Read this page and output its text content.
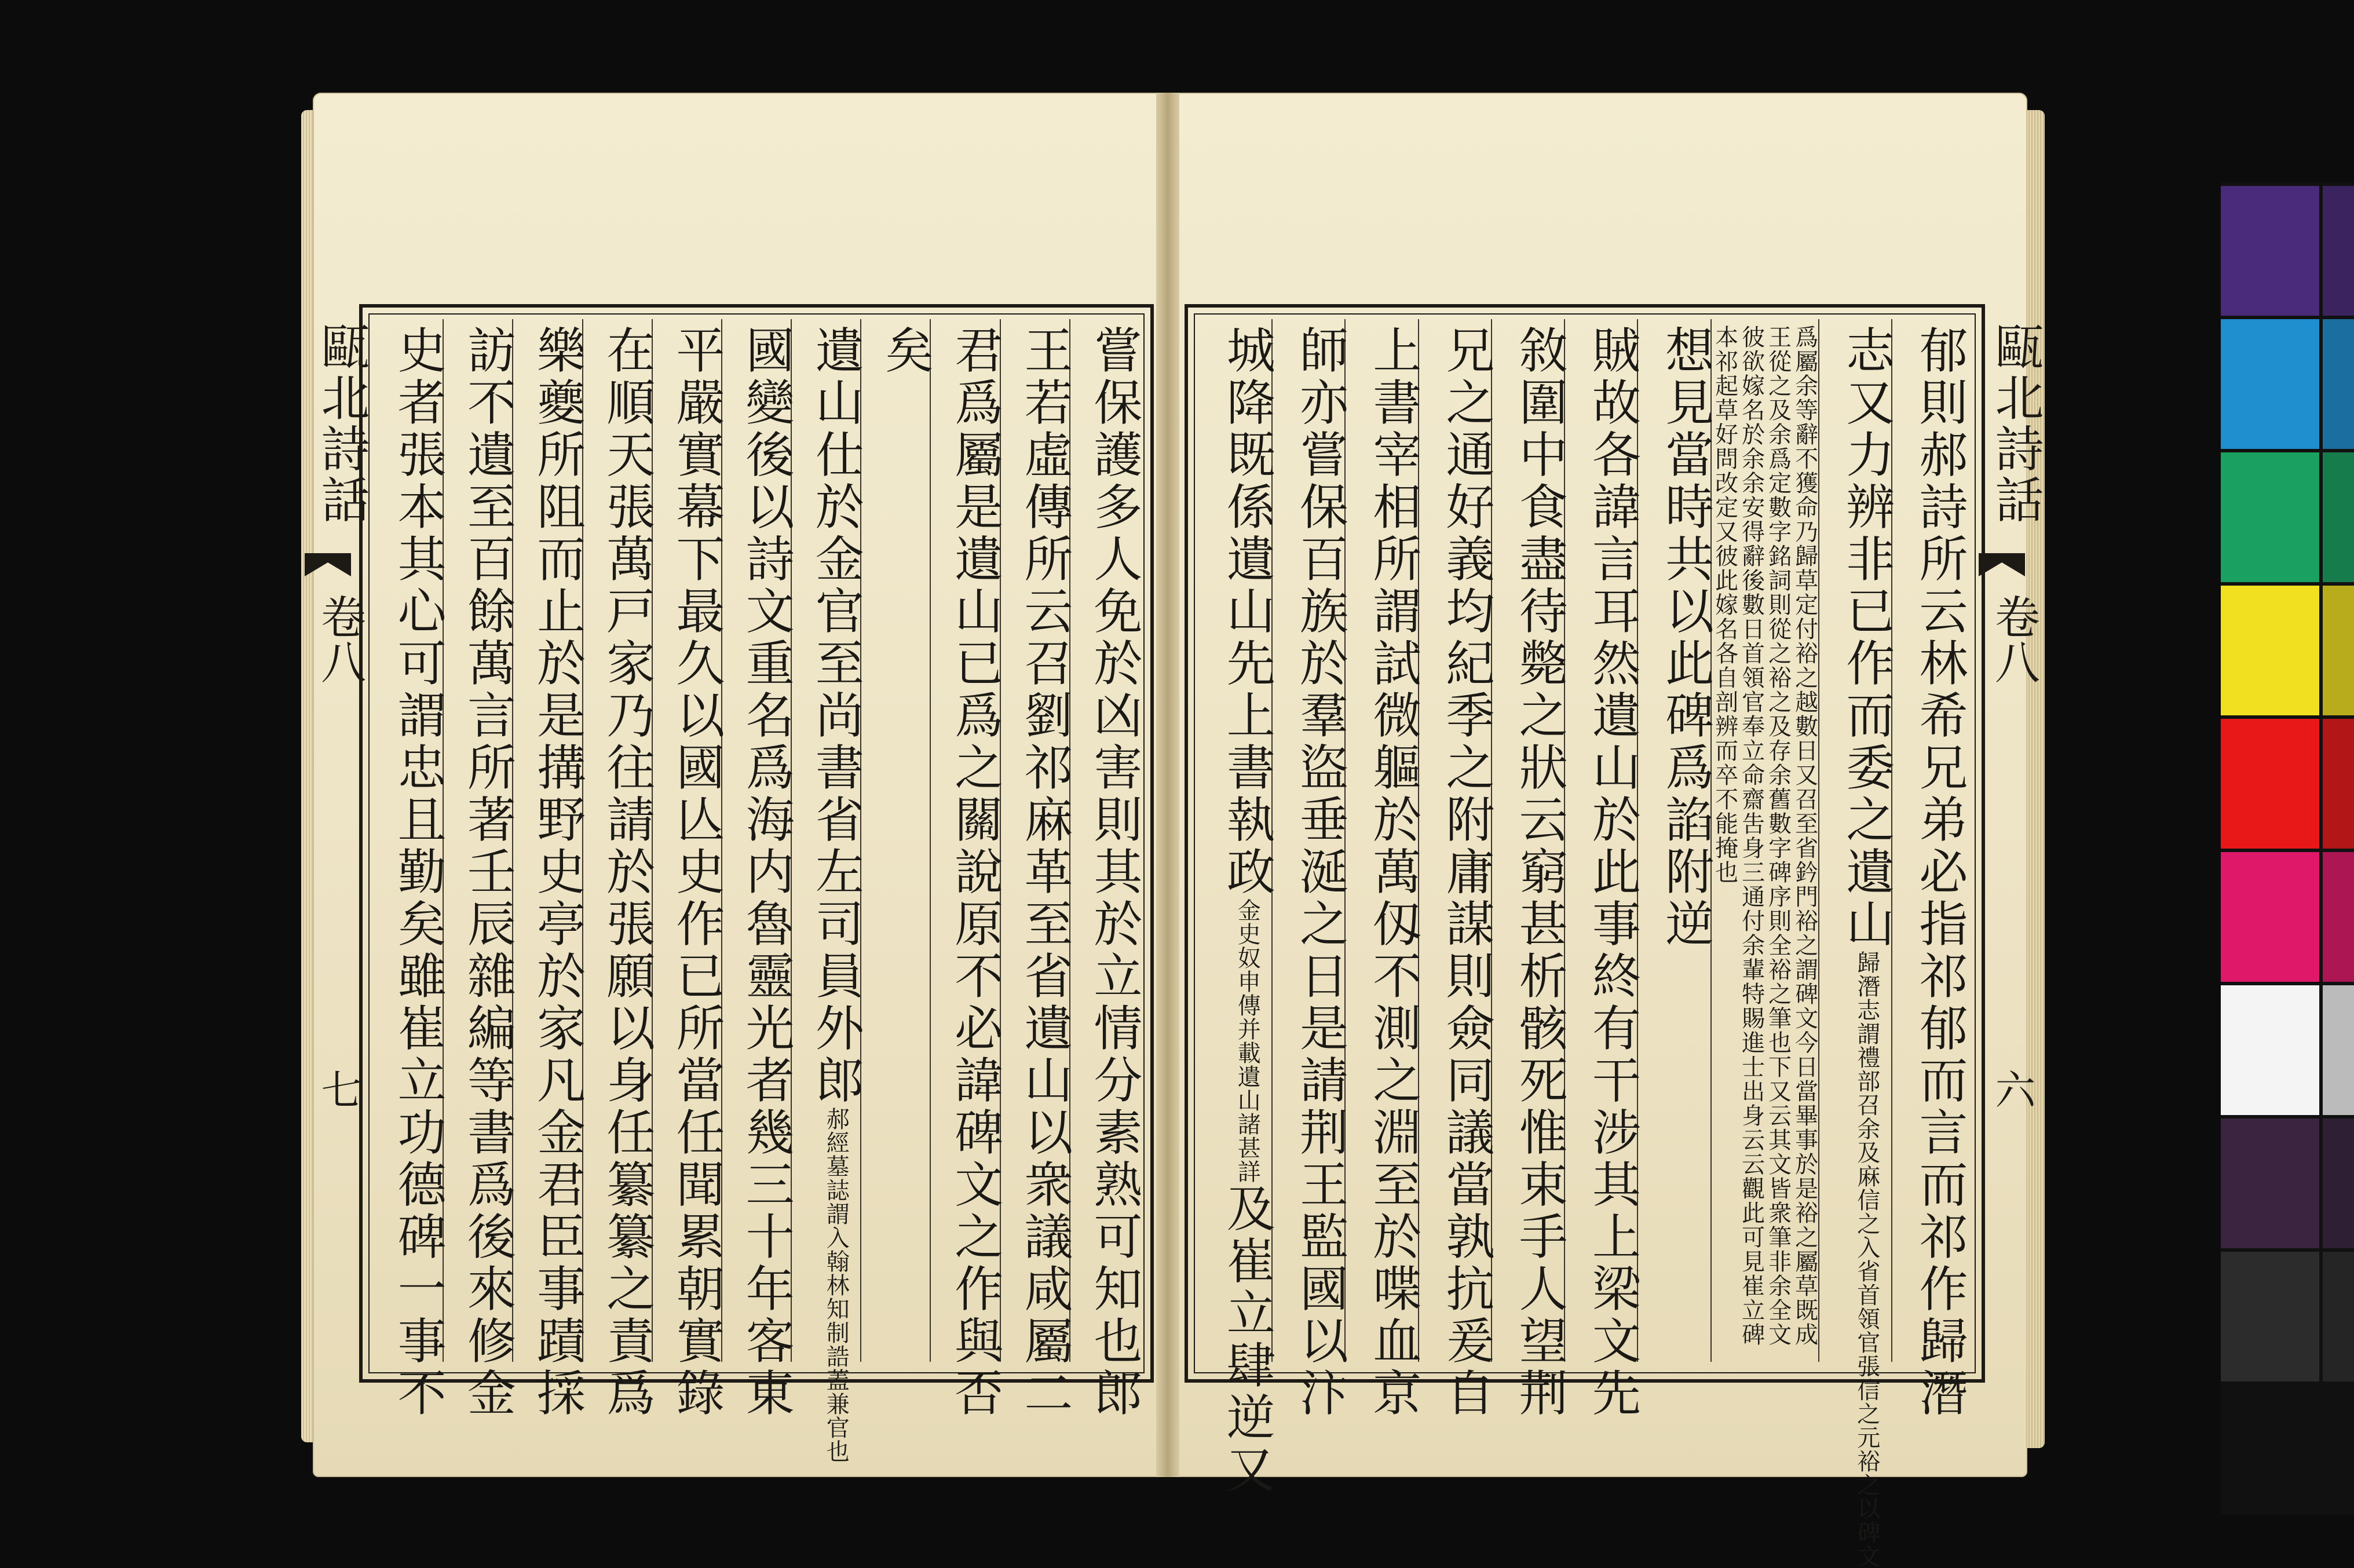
甌北詩話
卷八
七	嘗保護多人免於凶害則其於立情分素熟可知也郎
王若虛傳所云召劉祁麻革至省遺山以衆議咸屬二
君爲屬是遺山已爲之關說原不必諱碑文之作與否
矣
遺山仕於金官至尚書省左司員外郎郝經墓誌謂入翰林知制誥蓋兼官也
國變後以詩文重名爲海内魯靈光者幾三十年客東
平嚴實幕下最久以國亾史作已所當任聞累朝實錄
在順天張萬戸家乃往請於張願以身任纂纂之責爲
樂夔所阻而止於是搆野史亭於家凡金君臣事蹟採
訪不遺至百餘萬言所著壬辰雜編等書爲後來修金
史者張本其心可謂忠且勤矣雖崔立功德碑一事不	郁則郝詩所云林希兄弟必指祁郁而言而祁作歸潛
志又力辨非已作而委之遺山歸潛志謂禮部召余及麻信之入省首領官張信之元裕之以碑文
爲屬余等辭不獲命乃歸草定付裕之越數日又召至省鈐門裕之謂碑文今日當畢事於是裕之屬草既成王從之及余爲定數字銘詞則從之裕之及存余舊數字碑序則全裕之筆也下又云其文皆衆筆非余全文彼欲嫁名於余余安得辭後數日首領官奉立命齋吿身三通付余輩特賜進士出身云云觀此可見崔立碑本祁起草好問改定又彼此嫁名各自剖辨而卒不能掩也
想見當時共以此碑爲諂附逆
賊故各諱言耳然遺山於此事終有干涉其上梁文先
敘圍中食盡待斃之狀云窮甚析骸死惟束手人望荆
兄之通好義均紀季之附庸謀則僉同議當孰抗爰自
上書宰相所謂試微軀於萬仭不測之淵至於喋血京
師亦嘗保百族於羣盜垂涎之日是請荆王監國以汴
城降既係遺山先上書執政金史奴申傳并載遺山諸甚詳及崔立肆逆又
甌北詩話
卷八
六
